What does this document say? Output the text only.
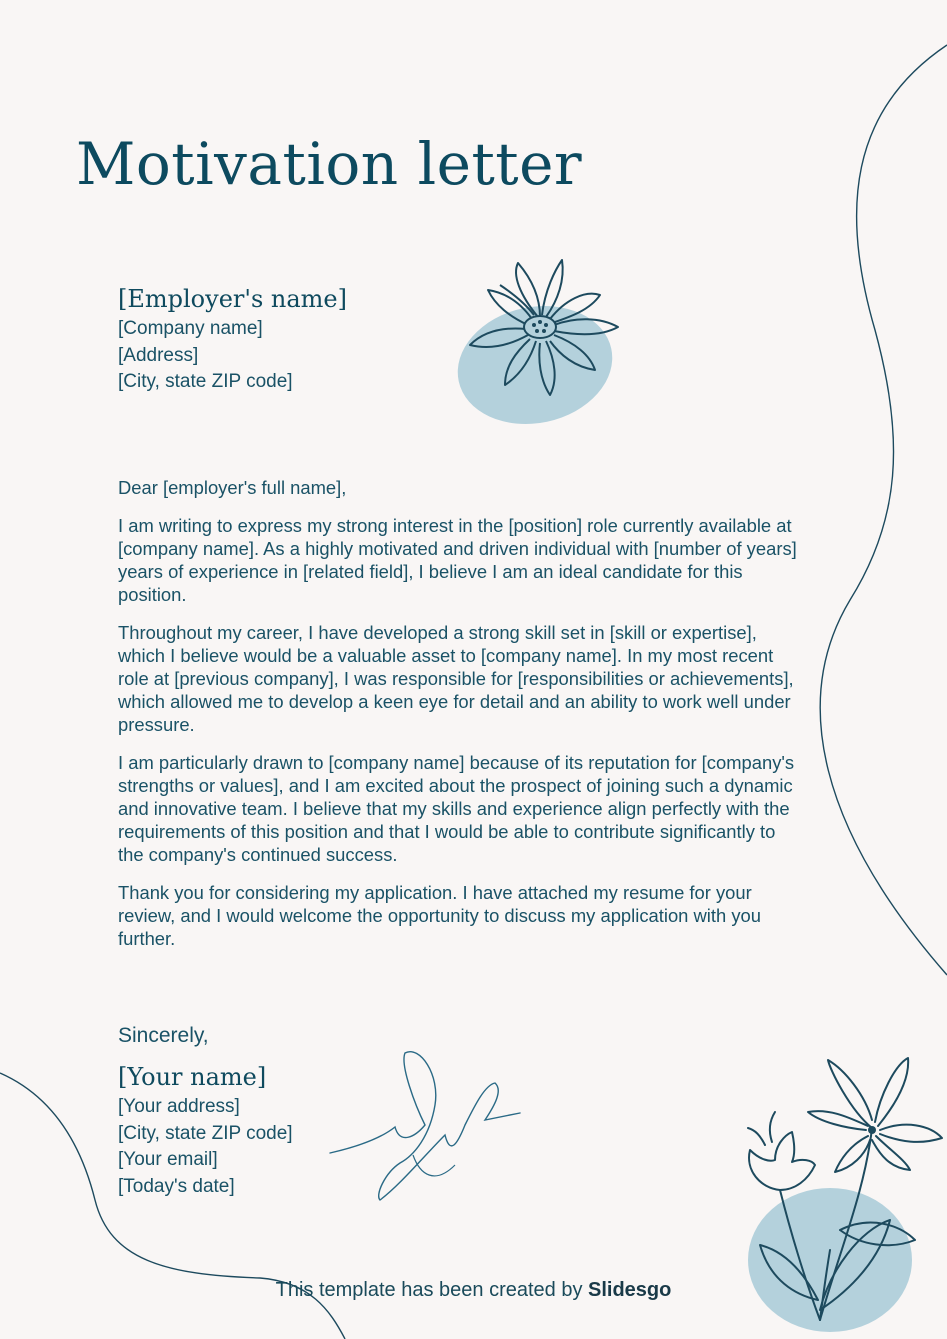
Motivation letter
[Employer's name]
[Company name]
[Address]
[City, state ZIP code]

Dear [employer's full name],

I am writing to express my strong interest in the [position] role currently available at [company name]. As a highly motivated and driven individual with [number of years] years of experience in [related field], I believe I am an ideal candidate for this position.

Throughout my career, I have developed a strong skill set in [skill or expertise], which I believe would be a valuable asset to [company name]. In my most recent role at [previous company], I was responsible for [responsibilities or achievements], which allowed me to develop a keen eye for detail and an ability to work well under pressure.

I am particularly drawn to [company name] because of its reputation for [company's strengths or values], and I am excited about the prospect of joining such a dynamic and innovative team. I believe that my skills and experience align perfectly with the requirements of this position and that I would be able to contribute significantly to the company's continued success.

Thank you for considering my application. I have attached my resume for your review, and I would welcome the opportunity to discuss my application with you further.

Sincerely,
[Your name]
[Your address]
[City, state ZIP code]
[Your email]
[Today's date]
This template has been created by Slidesgo
